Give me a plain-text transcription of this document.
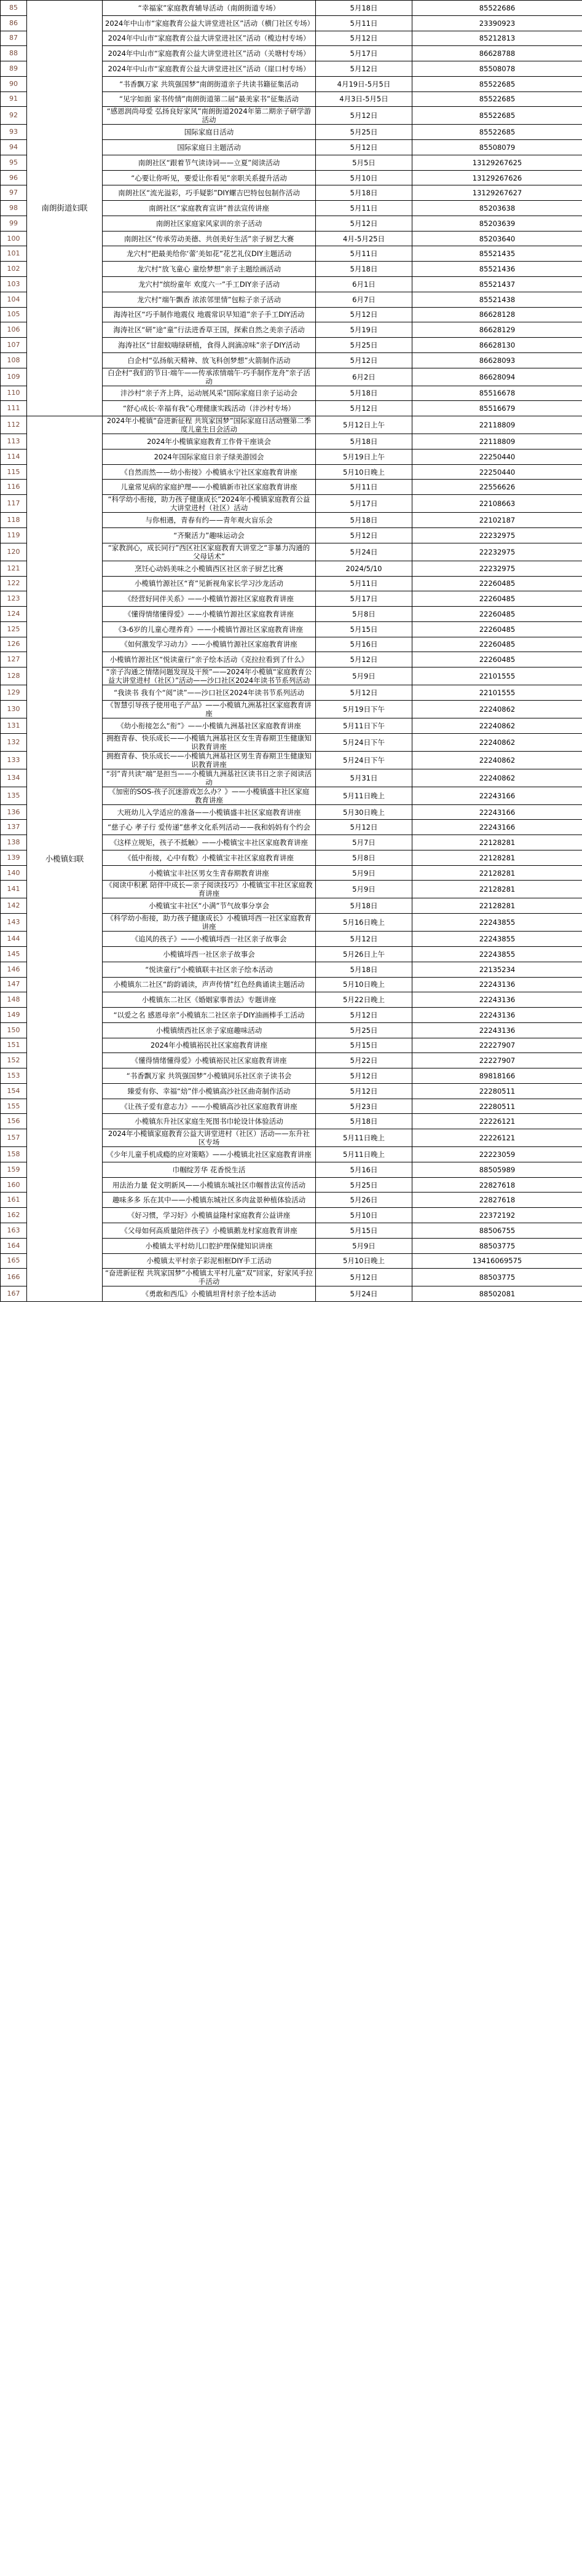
85	南朗街道妇联	“幸福家”家庭教育辅导活动（南朗街道专场）	5月18日	85522686
86		2024年中山市“家庭教育公益大讲堂进社区”活动（横门社区专场）	5月11日	23390923
87		2024年中山市“家庭教育公益大讲堂进社区”活动（榄边村专场）	5月12日	85212813
88		2024年中山市“家庭教育公益大讲堂进社区”活动（关塘村专场）	5月17日	86628788
89		2024年中山市“家庭教育公益大讲堂进社区”活动（崖口村专场）	5月12日	85508078
90		“书香飘万家 共筑强国梦”南朗街道亲子共读书籍征集活动	4月19日-5月5日	85522685
91		“见字如面 家书传情”南朗街道第二届“最美家书”征集活动	4月3日-5月5日	85522685
92		“感恩润尚母爱 弘扬良好家风”南朗街道2024年第二期亲子研学游活动	5月12日	85522685
93		国际家庭日活动	5月25日	85522685
94		国际家庭日主题活动	5月12日	85508079
95		南朗社区“跟着节气读诗词——立夏”阅读活动	5月5日	13129267625
96		“心要让你听见，要爱让你看见”亲职关系提升活动	5月10日	13129267626
97		南朗社区“流光溢彩，巧手疑影”DIY螺吉巴特包包制作活动	5月18日	13129267627
98		南朗社区“家庭教育宣讲”普法宣传讲座	5月11日	85203638
99		南朗社区家庭家风家训的亲子活动	5月12日	85203639
100		南朗社区“传承劳动美德、共创美好生活”亲子厨艺大赛	4月-5月25日	85203640
101		龙穴村“把最美给你‘蕾’美如花”花艺礼仪DIY主题活动	5月11日	85521435
102		龙穴村“放飞童心 童绘梦想”亲子主题绘画活动	5月18日	85521436
103		龙穴村“缤纷童年 欢度六一”手工DIY亲子活动	6月1日	85521437
104		龙穴村“端午飘香 浓浓邻里情”包粽子亲子活动	6月7日	85521438
105		海涛社区“巧手制作地震仪 地震常识早知道”亲子手工DIY活动	5月12日	86628128
106		海涛社区“研”途“童”行法进香草王国，探索自然之美亲子活动	5月19日	86628129
107		海涛社区“甘甜蚊嗨绿研植，食得人润滴凉味”亲子DIY活动	5月25日	86628130
108		白企村“弘扬航天精神、放飞科创梦想”火箭制作活动	5月12日	86628093
109		白企村“我们的节日·端午——传承浓情端午·巧手制作龙舟”亲子活动	6月2日	86628094
110		沣沙村“亲子齐上阵，运动展风采”国际家庭日亲子运动会	5月18日	85516678
111		“舒心成长·幸福有我”心理健康实践活动（沣沙村专场）	5月12日	85516679
112	小榄镇妇联	2024年小榄镇“奋进新征程 共筑家国梦”国际家庭日活动暨第二季度儿童生日会活动	5月12日上午	22118809
113		2024年小榄镇家庭教育工作骨干座谈会	5月18日	22118809
114		2024年国际家庭日亲子绿美游园会	5月19日上午	22250440
115		《自然而然——幼小衔接》小榄镇永宁社区家庭教育讲座	5月10日晚上	22250440
116		儿童常见病的家庭护理——小榄镇新市社区家庭教育讲座	5月11日	22556626
117		“科学幼小衔接，助力孩子健康成长”2024年小榄镇家庭教育公益大讲堂进村（社区）活动	5月17日	22108663
118		与你相遇，青春有约——青年观火盲乐会	5月18日	22102187
119		“齐聚活力”趣味运动会	5月12日	22232975
120		“家教润心，成长同行”西区社区家庭教育大讲堂之“非暴力沟通的父母话术”	5月24日	22232975
121		烹饪心动妈美味之小榄镇西区社区亲子厨艺比赛	2024/5/10	22232975
122		小榄镇竹源社区“育”见新视角家长学习沙龙活动	5月11日	22260485
123		《经营好同伴关系》——小榄镇竹源社区家庭教育讲座	5月17日	22260485
124		《懂得情绪懂得爱》——小榄镇竹源社区家庭教育讲座	5月8日	22260485
125		《3-6岁的儿童心理养育》——小榄镇竹源社区家庭教育讲座	5月15日	22260485
126		《如何激发学习动力》——小榄镇竹源社区家庭教育讲座	5月16日	22260485
127		小榄镇竹源社区“悦读童行”亲子绘本活动《克拉拉看到了什么》	5月12日	22260485
128		“亲子沟通之情绪问题发现及干预”——2024年小榄镇“家庭教育公益大讲堂进村（社区）”活动——沙口社区2024年读书节系列活动	5月9日	22101555
129		“我读书 我有个“阅”读”——沙口社区2024年读书节系列活动	5月12日	22101555
130		《智慧引导孩子使用电子产品》——小榄镇九洲基社区家庭教育讲座	5月19日下午	22240862
131		《幼小衔接怎么“衔”》——小榄镇九洲基社区家庭教育讲座	5月11日下午	22240862
132		拥抱青春、快乐成长——小榄镇九洲基社区女生青春期卫生健康知识教育讲座	5月24日下午	22240862
133		拥抱青春、快乐成长——小榄镇九洲基社区男生青春期卫生健康知识教育讲座	5月24日下午	22240862
134		“羽”青共读“端”是担当——小榄镇九洲基社区读书日之亲子阅读活动	5月31日	22240862
135		《加密的SOS-孩子沉迷游戏怎么办？》——小榄镇盛丰社区家庭教育讲座	5月11日晚上	22243166
136		大班幼儿入学适应的准备——小榄镇盛丰社区家庭教育讲座	5月30日晚上	22243166
137		“慈子心 孝子行 爱传递”慈孝文化系列活动——我和妈妈有个约会	5月12日	22243166
138		《这样立规矩，孩子不抵触》——小榄镇宝丰社区家庭教育讲座	5月7日	22128281
139		《低中衔接，心中有数》小榄镇宝丰社区家庭教育讲座	5月8日	22128281
140		小榄镇宝丰社区男女生青春期教育讲座	5月9日	22128281
141		《阅读中积累 陪伴中成长—亲子阅读技巧》小榄镇宝丰社区家庭教育讲座	5月9日	22128281
142		小榄镇宝丰社区“小满”节气故事分享会	5月18日	22128281
143		《科学幼小衔接，助力孩子健康成长》小榄镇埒西一社区家庭教育讲座	5月16日晚上	22243855
144		《追风的孩子》——小榄镇埒西一社区亲子故事会	5月12日	22243855
145		小榄镇埒西一社区亲子故事会	5月26日上午	22243855
146		“悦读童行”小榄镇联丰社区亲子绘本活动	5月18日	22135234
147		小榄镇东二社区“韵韵诵读，声声传情”红色经典诵读主题活动	5月10日晚上	22243136
148		小榄镇东二社区《婚姻家事普法》专题讲座	5月22日晚上	22243136
149		“以爱之名 感恩母亲”小榄镇东二社区亲子DIY油画棒手工活动	5月12日	22243136
150		小榄镇绩西社区亲子家庭趣味活动	5月25日	22243136
151		2024年小榄镇裕民社区家庭教育讲座	5月15日	22227907
152		《懂得情绪懂得爱》小榄镇裕民社区家庭教育讲座	5月22日	22227907
153		“书香飘万家 共筑强国梦”小榄镇同乐社区亲子读书会	5月12日	89818166
154		臻爱有你、幸福“焙”伴小榄镇高沙社区曲奇制作活动	5月12日	22280511
155		《让孩子爱有意志力》——小榄镇高沙社区家庭教育讲座	5月23日	22280511
156		小榄镇东升社区家庭生死图书巾轮设计体验活动	5月18日	22226121
157		2024年小榄镇家庭教育公益大讲堂进村（社区）活动——东升社区专场	5月11日晚上	22226121
158		《少年儿童手机成瘾的应对策略》——小榄镇北社区家庭教育讲座	5月11日晚上	22223059
159		巾帼绽芳华 花香悦生活	5月16日	88505989
160		用法治力量 促文明新风——小榄镇东城社区巾帼普法宣传活动	5月25日	22827618
161		趣味多多 乐在其中——小榄镇东城社区多肉盆景种植体验活动	5月26日	22827618
162		《好习惯，学习好》小榄镇益隆村家庭教育公益讲座	5月10日	22372192
163		《父母如何高质量陪伴孩子》小榄镇鹅龙村家庭教育讲座	5月15日	88506755
164		小榄镇太平村幼儿口腔护理保健知识讲座	5月9日	88503775
165		小榄镇太平村亲子彩泥相框DIY手工活动	5月10日晚上	13416069575
166		“奋进新征程 共筑家国梦”小榄镇太平村儿童“双”回家，好家风手拉手活动	5月12日	88503775
167		《勇敢和西瓜》小榄镇坦背村亲子绘本活动	5月24日	88502081
